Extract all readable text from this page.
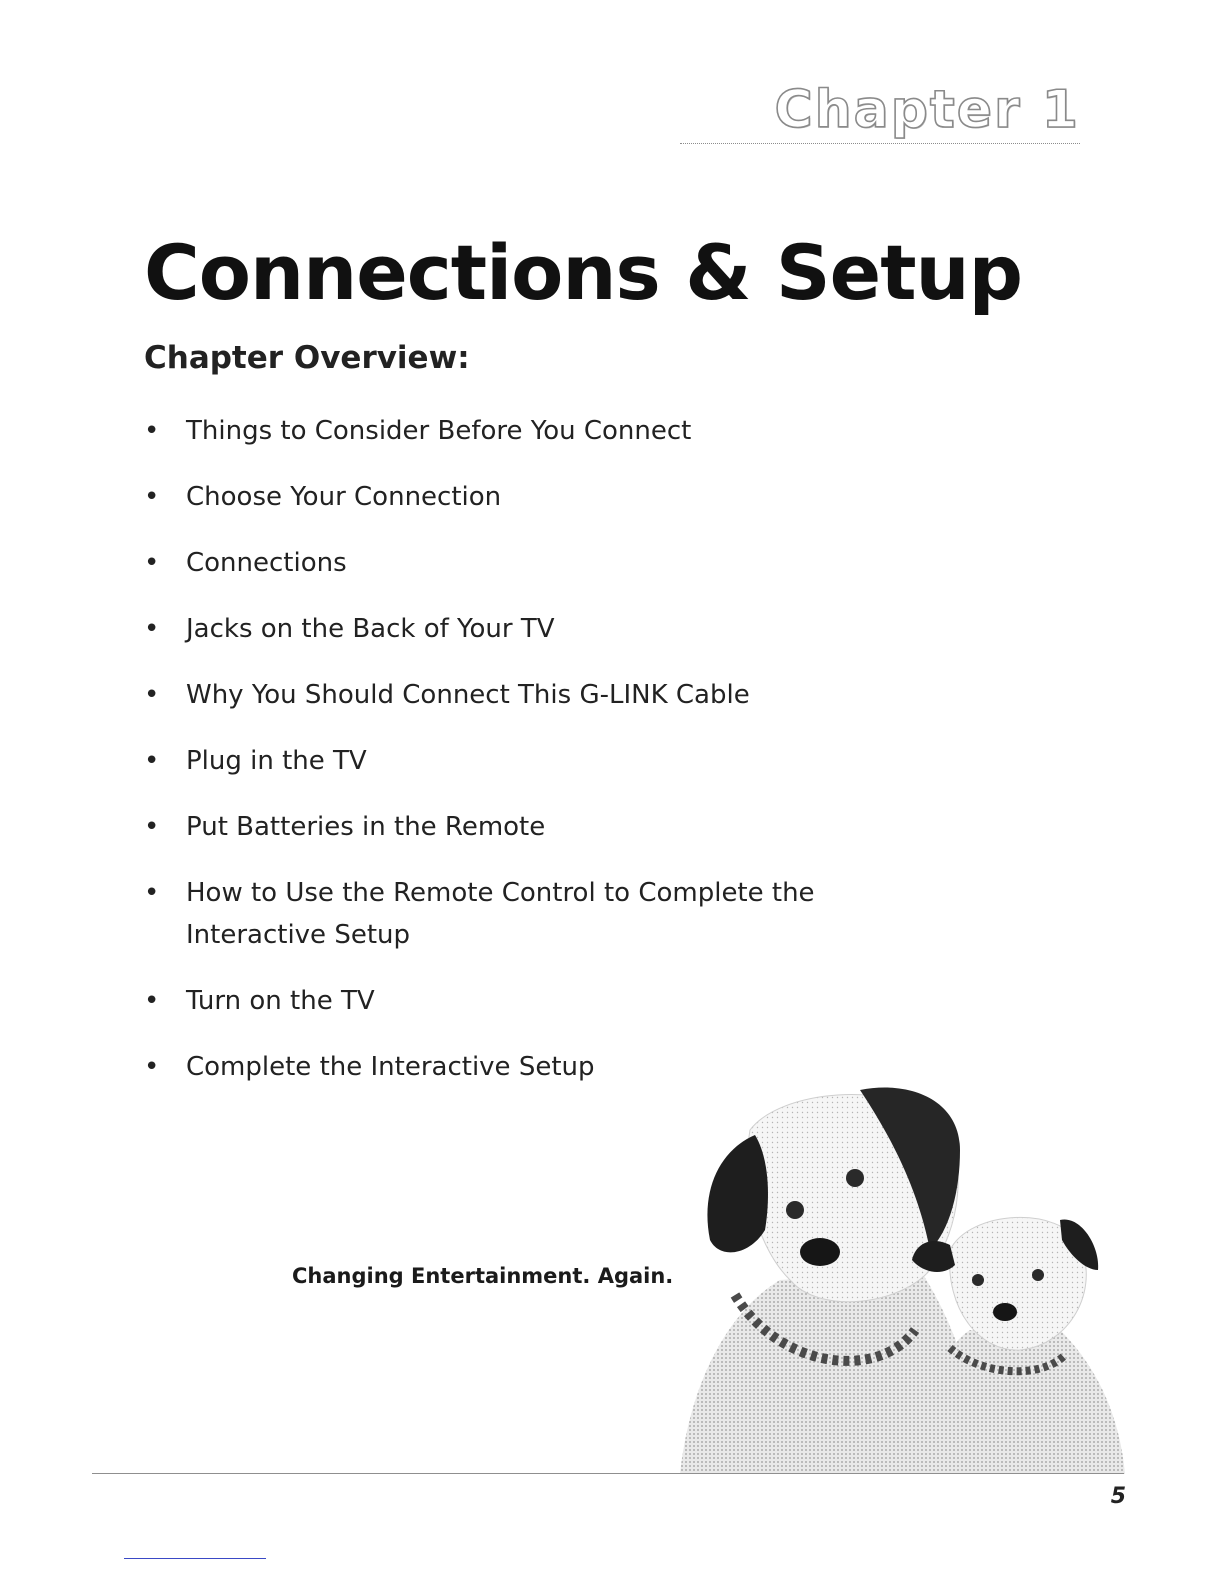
Chapter 1
Connections & Setup
Chapter Overview:
• Things to Consider Before You Connect
• Choose Your Connection
• Connections
• Jacks on the Back of Your TV
• Why You Should Connect This G-LINK Cable
• Plug in the TV
• Put Batteries in the Remote
• How to Use the Remote Control to Complete the Interactive Setup
• Turn on the TV
• Complete the Interactive Setup
Changing Entertainment. Again.
5
